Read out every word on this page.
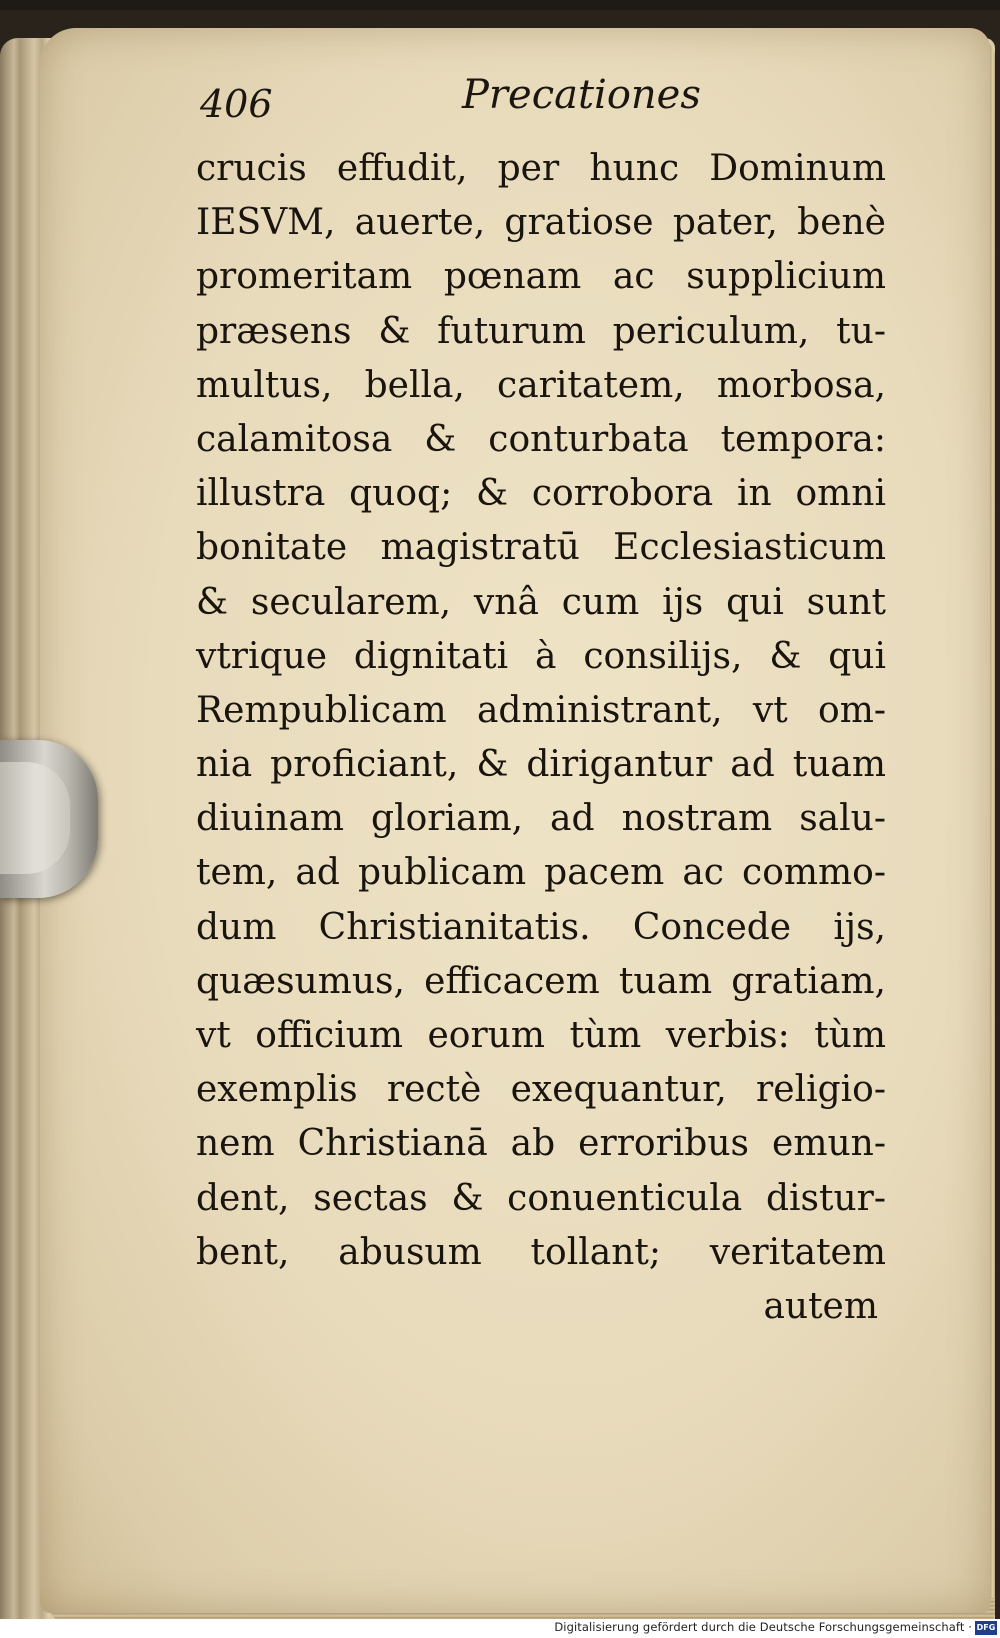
406	Precationes
crucis effudit, per hunc Dominum
IESVM, auerte, gratiose pater, benè
promeritam pœnam ac supplicium
præsens & futurum periculum, tu-
multus, bella, caritatem, morbosa,
calamitosa & conturbata tempora:
illustra quoq; & corrobora in omni
bonitate magistratū Ecclesiasticum
& secularem, vnâ cum ijs qui sunt
vtrique dignitati à consilijs, & qui
Rempublicam administrant, vt om-
nia proficiant, & dirigantur ad tuam
diuinam gloriam, ad nostram salu-
tem, ad publicam pacem ac commo-
dum Christianitatis. Concede ijs,
quæsumus, efficacem tuam gratiam,
vt officium eorum tùm verbis: tùm
exemplis rectè exequantur, religio-
nem Christianā ab erroribus emun-
dent, sectas & conuenticula distur-
bent, abusum tollant; veritatem
autem
Digitalisierung gefördert durch die Deutsche Forschungsgemeinschaft · DFG
